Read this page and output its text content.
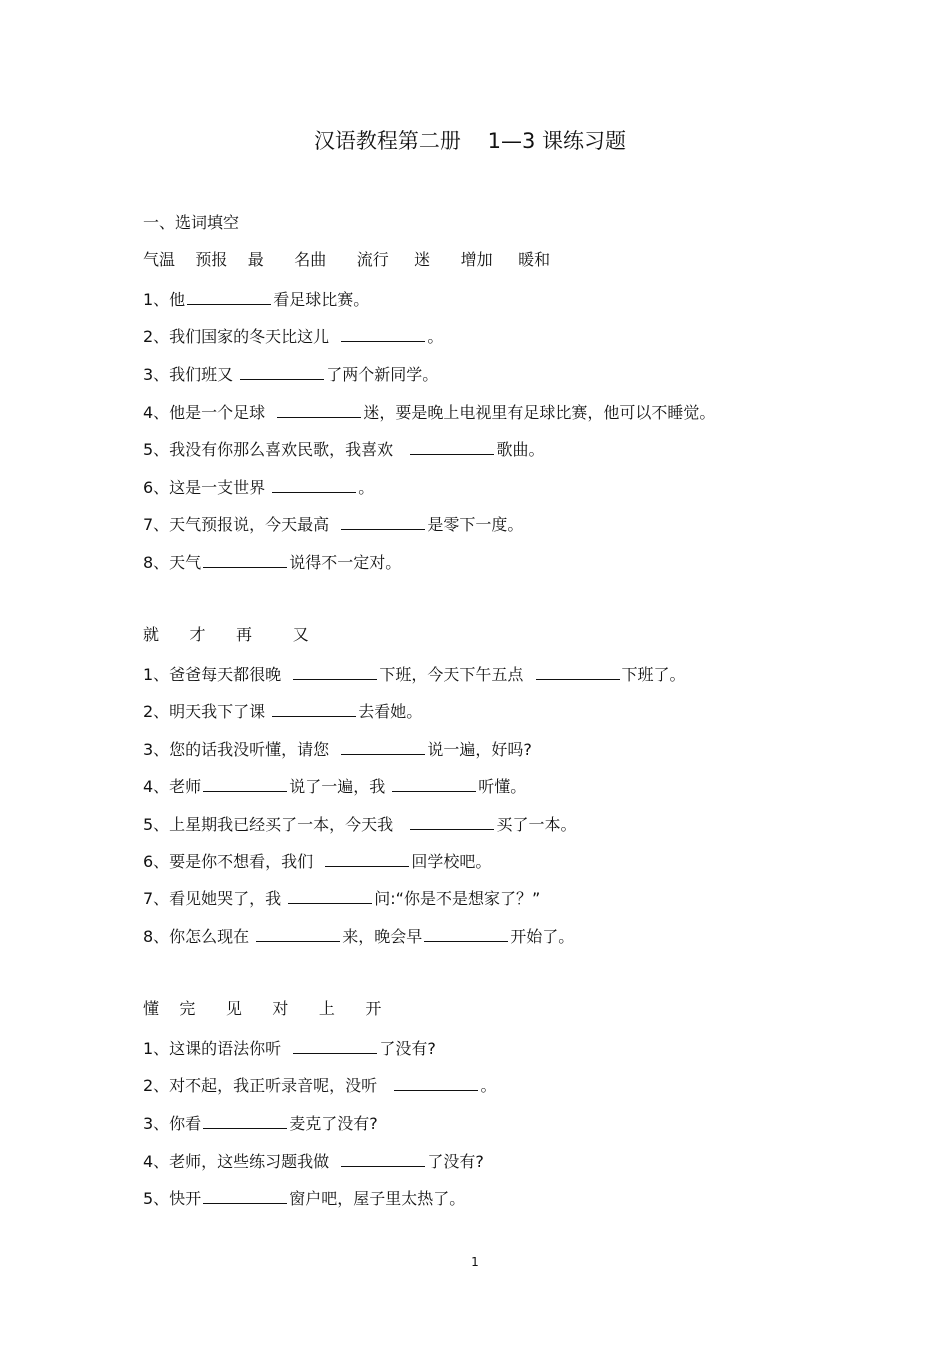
汉语教程第二册    1—3 课练习题
一、选词填空
气温    预报    最      名曲      流行     迷      增加     暖和
1、他	看足球比赛。
2、我们国家的冬天比这儿	。
3、我们班又	了两个新同学。
4、他是一个足球	迷，要是晚上电视里有足球比赛，他可以不睡觉。
5、我没有你那么喜欢民歌，我喜欢	歌曲。
6、这是一支世界	。
7、天气预报说，今天最高	是零下一度。
8、天气	说得不一定对。
就      才      再        又
1、爸爸每天都很晚	下班，今天下午五点	下班了。
2、明天我下了课	去看她。
3、您的话我没听懂，请您	说一遍，好吗?
4、老师	说了一遍，我	听懂。
5、上星期我已经买了一本，今天我	买了一本。
6、要是你不想看，我们	回学校吧。
7、看见她哭了，我	问:“你是不是想家了？”
8、你怎么现在	来，晚会早	开始了。
懂    完      见      对      上      开
1、这课的语法你听	了没有?
2、对不起，我正听录音呢，没听	。
3、你看	麦克了没有?
4、老师，这些练习题我做	了没有?
5、快开	窗户吧，屋子里太热了。
1
